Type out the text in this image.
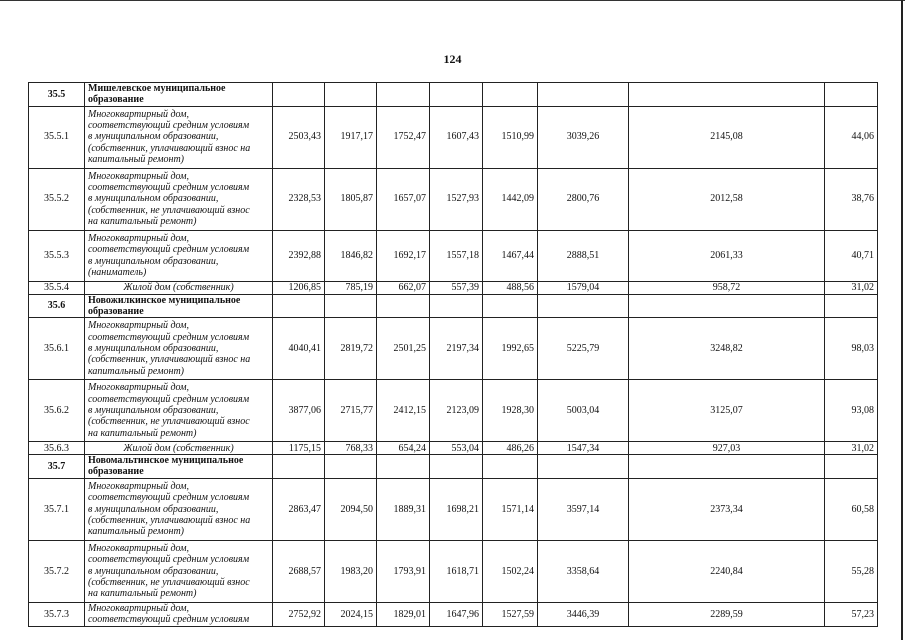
124
35.5	Мишелевское муниципальное образование								
35.5.1	Многоквартирный дом,
соответствующий средним условиям
в муниципальном образовании,
(собственник, уплачивающий взнос на
капитальный ремонт)	2503,43	1917,17	1752,47	1607,43	1510,99	3039,26	2145,08	44,06
35.5.2	Многоквартирный дом,
соответствующий средним условиям
в муниципальном образовании,
(собственник, не уплачивающий взнос
на капитальный ремонт)	2328,53	1805,87	1657,07	1527,93	1442,09	2800,76	2012,58	38,76
35.5.3	Многоквартирный дом,
соответствующий средним условиям
в муниципальном образовании,
(наниматель)	2392,88	1846,82	1692,17	1557,18	1467,44	2888,51	2061,33	40,71
35.5.4	Жилой дом (собственник)	1206,85	785,19	662,07	557,39	488,56	1579,04	958,72	31,02
35.6	Новожилкинское муниципальное образование								
35.6.1	Многоквартирный дом,
соответствующий средним условиям
в муниципальном образовании,
(собственник, уплачивающий взнос на
капитальный ремонт)	4040,41	2819,72	2501,25	2197,34	1992,65	5225,79	3248,82	98,03
35.6.2	Многоквартирный дом,
соответствующий средним условиям
в муниципальном образовании,
(собственник, не уплачивающий взнос
на капитальный ремонт)	3877,06	2715,77	2412,15	2123,09	1928,30	5003,04	3125,07	93,08
35.6.3	Жилой дом (собственник)	1175,15	768,33	654,24	553,04	486,26	1547,34	927,03	31,02
35.7	Новомальтинское муниципальное образование								
35.7.1	Многоквартирный дом,
соответствующий средним условиям
в муниципальном образовании,
(собственник, уплачивающий взнос на
капитальный ремонт)	2863,47	2094,50	1889,31	1698,21	1571,14	3597,14	2373,34	60,58
35.7.2	Многоквартирный дом,
соответствующий средним условиям
в муниципальном образовании,
(собственник, не уплачивающий взнос
на капитальный ремонт)	2688,57	1983,20	1793,91	1618,71	1502,24	3358,64	2240,84	55,28
35.7.3	Многоквартирный дом,
соответствующий средним условиям	2752,92	2024,15	1829,01	1647,96	1527,59	3446,39	2289,59	57,23
